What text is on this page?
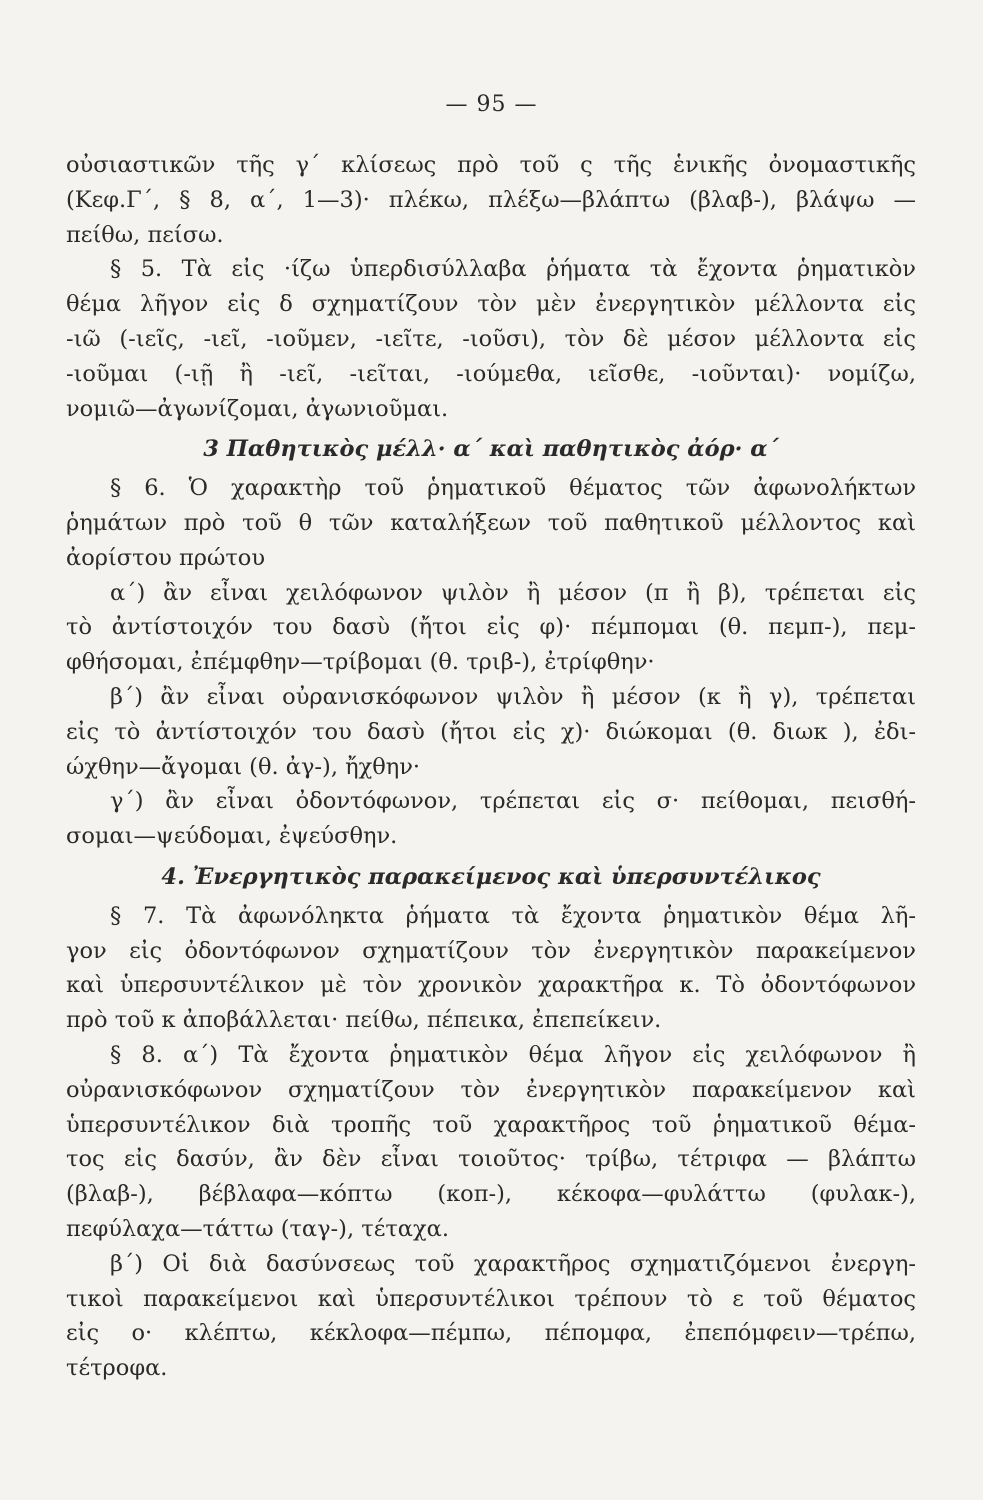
— 95 —
οὐσιαστικῶν τῆς γ΄ κλίσεως πρὸ τοῦ ς τῆς ἑνικῆς ὀνομαστικῆς
(Κεφ.Γ΄, § 8, α΄, 1—3)· πλέκω, πλέξω—βλάπτω (βλαβ-), βλάψω —
πείθω, πείσω.
§ 5. Τὰ εἰς ·ίζω ὑπερδισύλλαβα ῥήματα τὰ ἔχοντα ῥηματικὸν
θέμα λῆγον εἰς δ σχηματίζουν τὸν μὲν ἐνεργητικὸν μέλλοντα εἰς
-ιῶ (-ιεῖς, -ιεῖ, -ιοῦμεν, -ιεῖτε, -ιοῦσι), τὸν δὲ μέσον μέλλοντα εἰς
-ιοῦμαι (-ιῇ ἢ -ιεῖ, -ιεῖται, -ιούμεθα, ιεῖσθε, -ιοῦνται)· νομίζω,
νομιῶ—ἀγωνίζομαι, ἀγωνιοῦμαι.
3 Παθητικὸς μέλλ· α΄ καὶ παθητικὸς ἀόρ· α΄
§ 6. Ὁ χαρακτὴρ τοῦ ῥηματικοῦ θέματος τῶν ἀφωνολήκτων
ῥημάτων πρὸ τοῦ θ τῶν καταλήξεων τοῦ παθητικοῦ μέλλοντος καὶ
ἀορίστου πρώτου
α΄) ἂν εἶναι χειλόφωνον ψιλὸν ἢ μέσον (π ἢ β), τρέπεται εἰς
τὸ ἀντίστοιχόν του δασὺ (ἤτοι εἰς φ)· πέμπομαι (θ. πεμπ-), πεμ-
φθήσομαι, ἐπέμφθην—τρίβομαι (θ. τριβ-), ἐτρίφθην·
β΄) ἂν εἶναι οὐρανισκόφωνον ψιλὸν ἢ μέσον (κ ἢ γ), τρέπεται
εἰς τὸ ἀντίστοιχόν του δασὺ (ἤτοι εἰς χ)· διώκομαι (θ. διωκ ), ἐδι-
ώχθην—ἄγομαι (θ. ἀγ-), ἤχθην·
γ΄) ἂν εἶναι ὀδοντόφωνον, τρέπεται εἰς σ· πείθομαι, πεισθή-
σομαι—ψεύδομαι, ἐψεύσθην.
4. Ἐνεργητικὸς παρακείμενος καὶ ὑπερσυντέλικος
§ 7. Τὰ ἀφωνόληκτα ῥήματα τὰ ἔχοντα ῥηματικὸν θέμα λῆ-
γον εἰς ὀδοντόφωνον σχηματίζουν τὸν ἐνεργητικὸν παρακείμενον
καὶ ὑπερσυντέλικον μὲ τὸν χρονικὸν χαρακτῆρα κ. Τὸ ὀδοντόφωνον
πρὸ τοῦ κ ἀποβάλλεται· πείθω, πέπεικα, ἐπεπείκειν.
§ 8. α΄) Τὰ ἔχοντα ῥηματικὸν θέμα λῆγον εἰς χειλόφωνον ἢ
οὐρανισκόφωνον σχηματίζουν τὸν ἐνεργητικὸν παρακείμενον καὶ
ὑπερσυντέλικον διὰ τροπῆς τοῦ χαρακτῆρος τοῦ ῥηματικοῦ θέμα-
τος εἰς δασύν, ἂν δὲν εἶναι τοιοῦτος· τρίβω, τέτριφα — βλάπτω
(βλαβ-), βέβλαφα—κόπτω (κοπ-), κέκοφα—φυλάττω (φυλακ-),
πεφύλαχα—τάττω (ταγ-), τέταχα.
β΄) Οἱ διὰ δασύνσεως τοῦ χαρακτῆρος σχηματιζόμενοι ἐνεργη-
τικοὶ παρακείμενοι καὶ ὑπερσυντέλικοι τρέπουν τὸ ε τοῦ θέματος
εἰς ο· κλέπτω, κέκλοφα—πέμπω, πέπομφα, ἐπεπόμφειν—τρέπω,
τέτροφα.
